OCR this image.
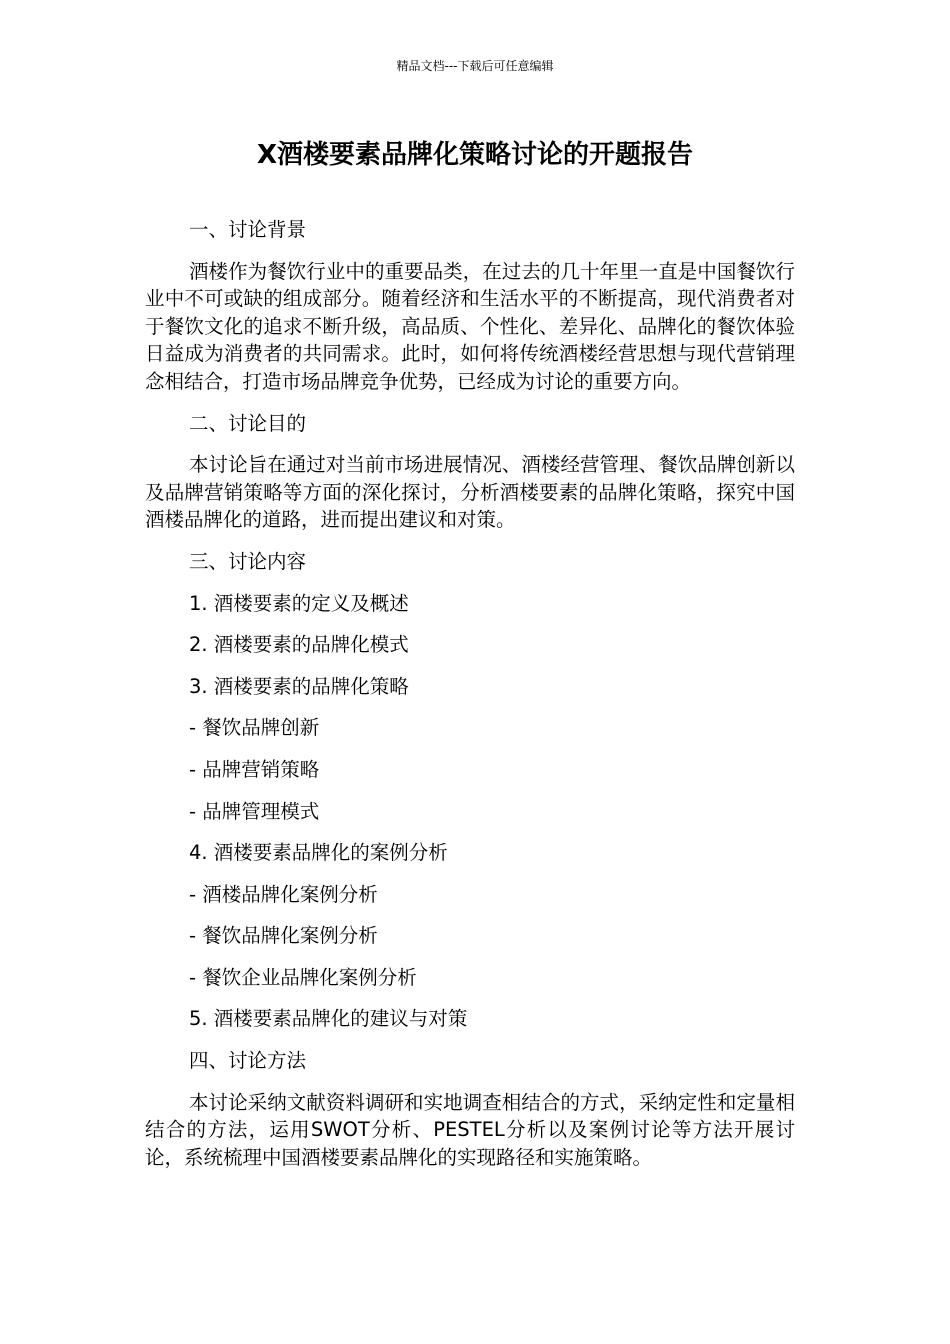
精品文档---下载后可任意编辑
X酒楼要素品牌化策略讨论的开题报告
一、讨论背景
酒楼作为餐饮行业中的重要品类，在过去的几十年里一直是中国餐饮行业中不可或缺的组成部分。随着经济和生活水平的不断提高，现代消费者对于餐饮文化的追求不断升级，高品质、个性化、差异化、品牌化的餐饮体验日益成为消费者的共同需求。此时，如何将传统酒楼经营思想与现代营销理念相结合，打造市场品牌竞争优势，已经成为讨论的重要方向。
二、讨论目的
本讨论旨在通过对当前市场进展情况、酒楼经营管理、餐饮品牌创新以及品牌营销策略等方面的深化探讨，分析酒楼要素的品牌化策略，探究中国酒楼品牌化的道路，进而提出建议和对策。
三、讨论内容
1. 酒楼要素的定义及概述
2. 酒楼要素的品牌化模式
3. 酒楼要素的品牌化策略
- 餐饮品牌创新
- 品牌营销策略
- 品牌管理模式
4. 酒楼要素品牌化的案例分析
- 酒楼品牌化案例分析
- 餐饮品牌化案例分析
- 餐饮企业品牌化案例分析
5. 酒楼要素品牌化的建议与对策
四、讨论方法
本讨论采纳文献资料调研和实地调查相结合的方式，采纳定性和定量相结合的方法，运用SWOT分析、PESTEL分析以及案例讨论等方法开展讨论，系统梳理中国酒楼要素品牌化的实现路径和实施策略。
